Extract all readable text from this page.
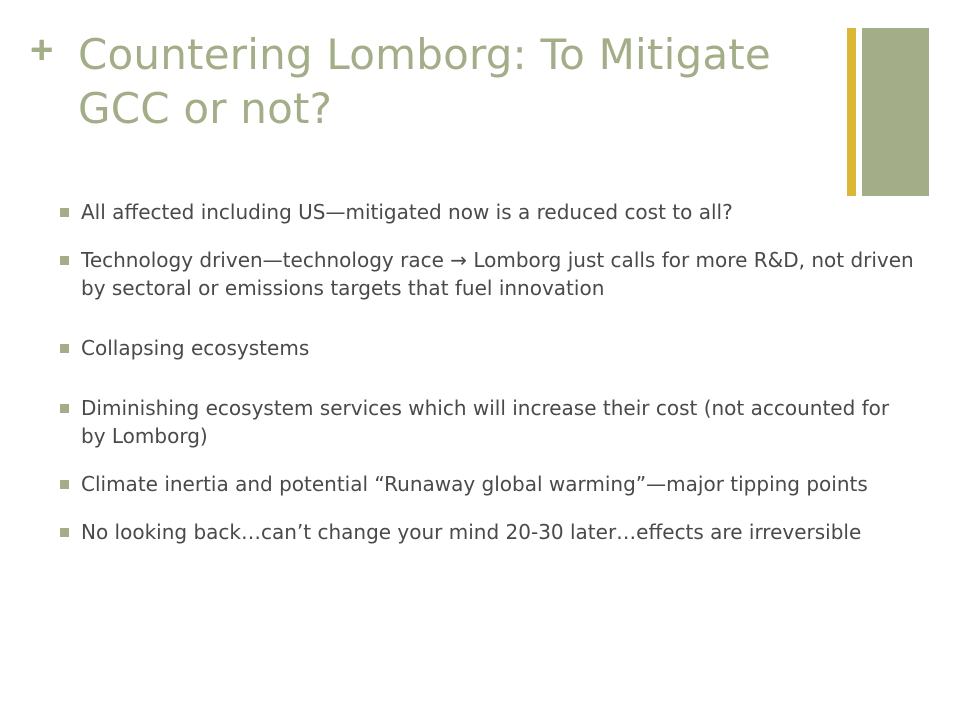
+ Countering Lomborg: To Mitigate GCC or not?
All affected including US—mitigated now is a reduced cost to all?
Technology driven—technology race → Lomborg just calls for more R&D, not driven by sectoral or emissions targets that fuel innovation
Collapsing ecosystems
Diminishing ecosystem services which will increase their cost (not accounted for by Lomborg)
Climate inertia and potential “Runaway global warming”—major tipping points
No looking back…can’t change your mind 20-30 later…effects are irreversible
